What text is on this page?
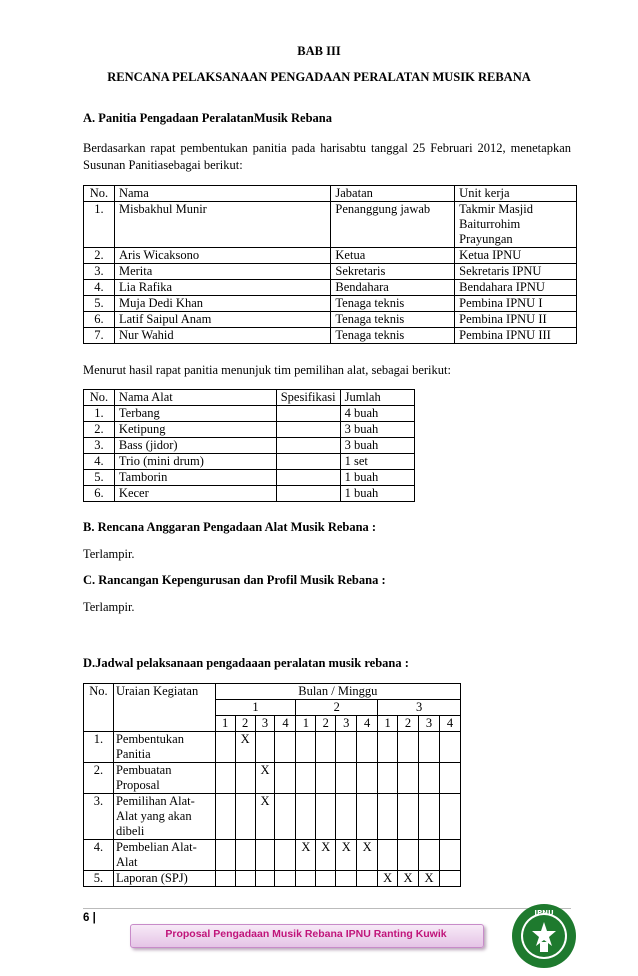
BAB III
RENCANA PELAKSANAAN PENGADAAN PERALATAN MUSIK REBANA
A. Panitia Pengadaan PeralatanMusik Rebana
Berdasarkan rapat pembentukan panitia pada harisabtu tanggal 25 Februari 2012, menetapkan
Susunan Panitiasebagai berikut:
No.	Nama	Jabatan	Unit kerja
1.	Misbakhul Munir	Penanggung jawab	Takmir Masjid
Baiturrohim
Prayungan

2.	Aris Wicaksono	Ketua	Ketua IPNU
3.	Merita	Sekretaris	Sekretaris IPNU
4.	Lia Rafika	Bendahara	Bendahara IPNU
5.	Muja Dedi Khan	Tenaga teknis	Pembina IPNU I
6.	Latif Saipul Anam	Tenaga teknis	Pembina IPNU II
7.	Nur Wahid	Tenaga teknis	Pembina IPNU III
Menurut hasil rapat panitia menunjuk tim pemilihan alat, sebagai berikut:
No.	Nama Alat	Spesifikasi	Jumlah
1.	Terbang		4 buah
2.	Ketipung		3 buah
3.	Bass (jidor)		3 buah
4.	Trio (mini drum)		1 set
5.	Tamborin		1 buah
6.	Kecer		1 buah
B. Rencana Anggaran Pengadaan Alat Musik Rebana :
Terlampir.
C. Rancangan Kepengurusan dan Profil Musik Rebana :
Terlampir.
D.Jadwal pelaksanaan pengadaaan peralatan musik rebana :
No.	Uraian Kegiatan	Bulan / Minggu											
		1				2				3			
		1	2	3	4	1	2	3	4	1	2	3	4
1.	Pembentukan
Panitia		X										
2.	Pembuatan
Proposal			X									
3.	Pemilihan Alat-
Alat yang akan
dibeli			X									
4.	Pembelian Alat-
Alat					X	X	X	X				
5.	Laporan (SPJ)									X	X	X	
6 |
Proposal Pengadaan Musik Rebana IPNU Ranting Kuwik
IPNU
